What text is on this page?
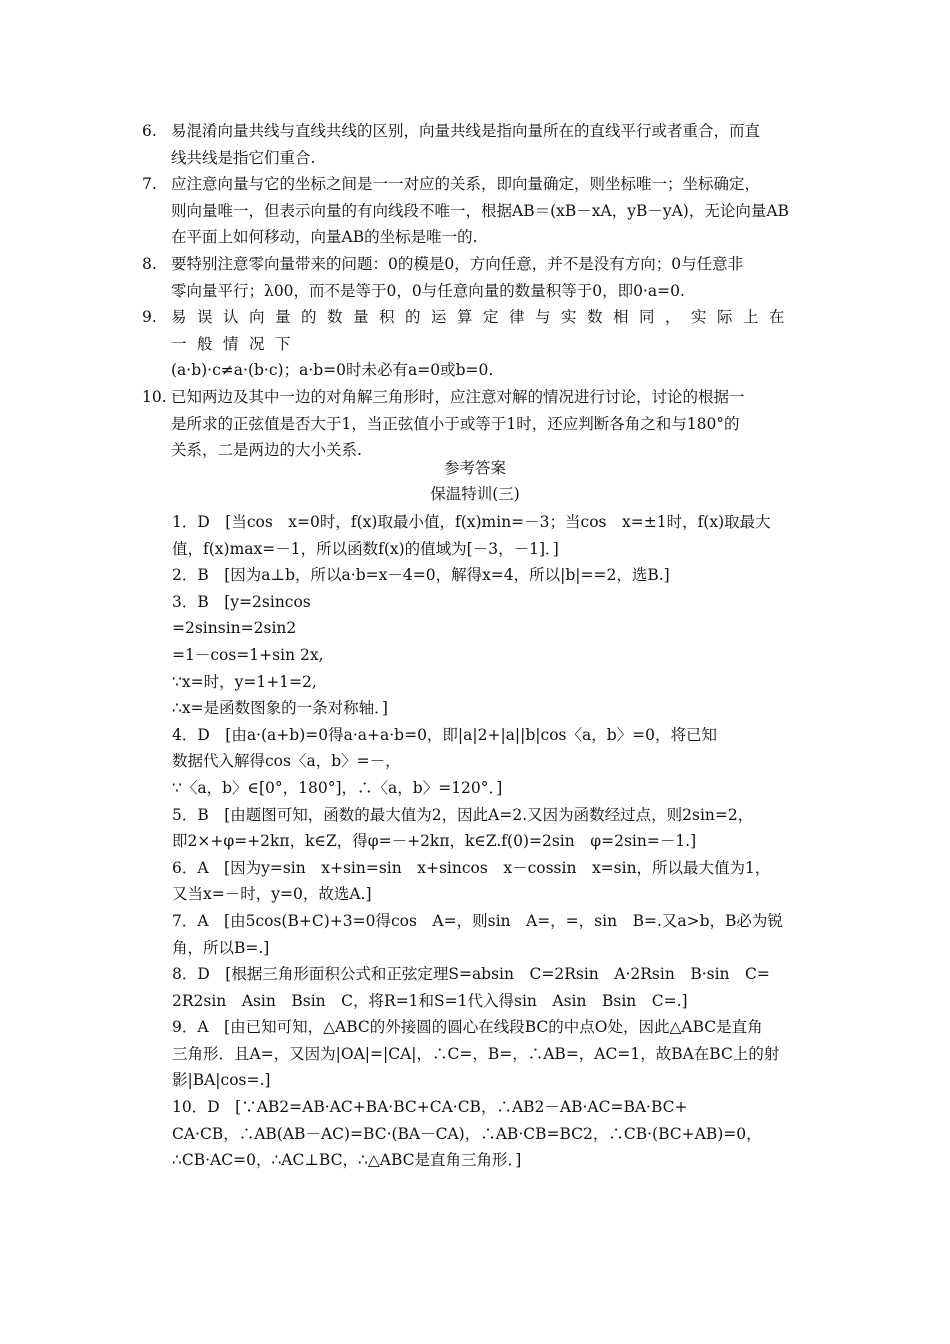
6. 易混淆向量共线与直线共线的区别，向量共线是指向量所在的直线平行或者重合，而直

线共线是指它们重合.

7. 应注意向量与它的坐标之间是一一对应的关系，即向量确定，则坐标唯一；坐标确定，

则向量唯一，但表示向量的有向线段不唯一，根据AB＝(xB－xA，yB－yA)，无论向量AB

在平面上如何移动，向量AB的坐标是唯一的.

8. 要特别注意零向量带来的问题：0的模是0，方向任意，并不是没有方向；0与任意非

零向量平行；λ00，而不是等于0，0与任意向量的数量积等于0，即0·a=0.

9. 易误认向量的数量积的运算定律与实数相同，实际上在一般情况下

(a·b)·c≠a·(b·c)；a·b=0时未必有a=0或b=0.

10. 已知两边及其中一边的对角解三角形时，应注意对解的情况进行讨论，讨论的根据一

是所求的正弦值是否大于1，当正弦值小于或等于1时，还应判断各角之和与180°的

关系，二是两边的大小关系.

参考答案

保温特训(三)

1．D　[当cos　x=0时，f(x)取最小值，f(x)min=－3；当cos　x=±1时，f(x)取最大

值，f(x)max=－1，所以函数f(x)的值域为[－3，－1]．]

2．B　[因为a⊥b，所以a·b=x－4=0，解得x=4，所以|b|==2，选B.]

3．B　[y=2sincos

=2sinsin=2sin2

=1－cos=1+sin 2x,

∵x=时，y=1+1=2,

∴x=是函数图象的一条对称轴．]

4．D　[由a·(a+b)=0得a·a+a·b=0，即|a|2+|a||b|cos〈a，b〉=0，将已知

数据代入解得cos〈a，b〉=－，

∵〈a，b〉∈[0°，180°]，∴〈a，b〉=120°．]

5．B　[由题图可知，函数的最大值为2，因此A=2.又因为函数经过点，则2sin=2，

即2×+φ=+2kπ，k∈Z，得φ=－+2kπ，k∈Z.f(0)=2sin　φ=2sin=－1.]

6．A　[因为y=sin　x+sin=sin　x+sincos　x－cossin　x=sin，所以最大值为1，

又当x=－时，y=0，故选A.]

7．A　[由5cos(B+C)+3=0得cos　A=，则sin　A=，=，sin　B=.又a>b，B必为锐

角，所以B=.]

8．D　[根据三角形面积公式和正弦定理S=absin　C=2Rsin　A·2Rsin　B·sin　C=

2R2sin　Asin　Bsin　C，将R=1和S=1代入得sin　Asin　Bsin　C=.]

9．A　[由已知可知，△ABC的外接圆的圆心在线段BC的中点O处，因此△ABC是直角

三角形．且A=，又因为|OA|=|CA|，∴C=，B=，∴AB=，AC=1，故BA在BC上的射

影|BA|cos=.]

10．D　[∵AB2=AB·AC+BA·BC+CA·CB，∴AB2－AB·AC=BA·BC+

CA·CB，∴AB(AB－AC)=BC·(BA－CA)，∴AB·CB=BC2，∴CB·(BC+AB)=0，

∴CB·AC=0，∴AC⊥BC，∴△ABC是直角三角形．]
